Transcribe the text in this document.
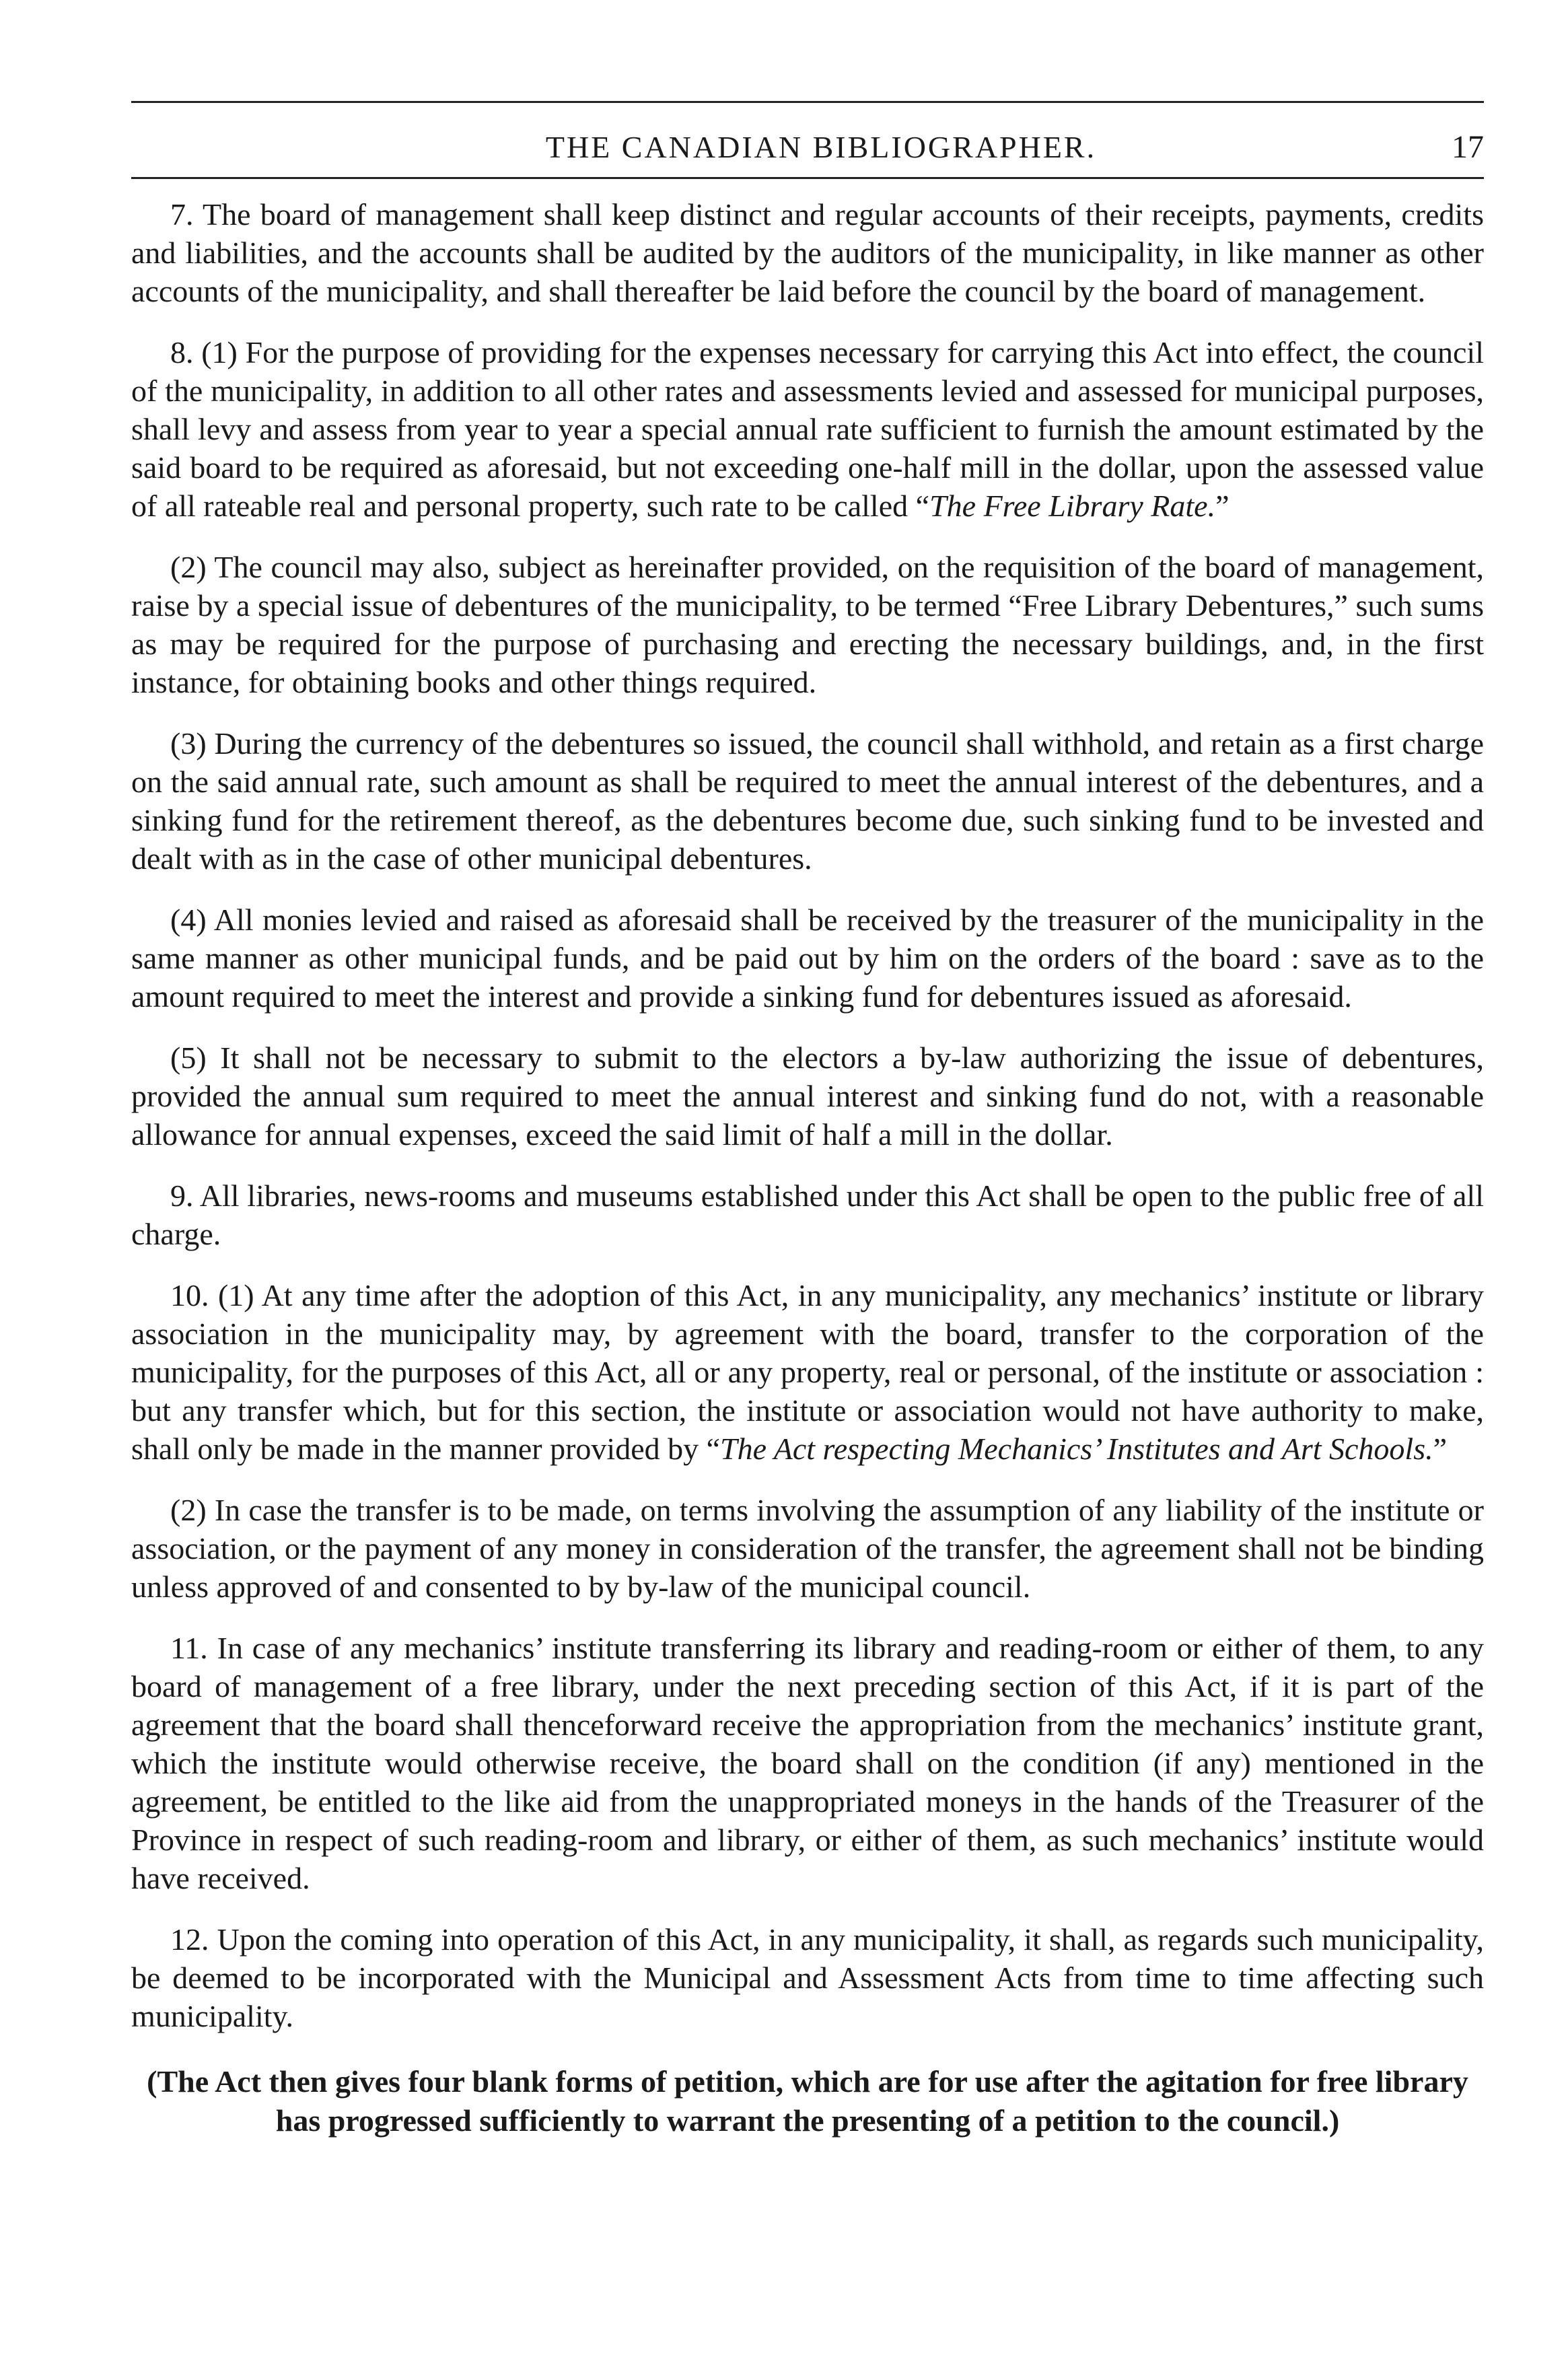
THE CANADIAN BIBLIOGRAPHER.	17

7. The board of management shall keep distinct and regular accounts of their receipts, payments, credits and liabilities, and the accounts shall be audited by the auditors of the municipality, in like manner as other accounts of the municipality, and shall thereafter be laid before the council by the board of management.

8. (1) For the purpose of providing for the expenses necessary for carrying this Act into effect, the council of the municipality, in addition to all other rates and assessments levied and assessed for municipal purposes, shall levy and assess from year to year a special annual rate sufficient to furnish the amount estimated by the said board to be required as aforesaid, but not exceeding one-half mill in the dollar, upon the assessed value of all rateable real and personal property, such rate to be called “The Free Library Rate.”

(2) The council may also, subject as hereinafter provided, on the requisition of the board of management, raise by a special issue of debentures of the municipality, to be termed “Free Library Debentures,” such sums as may be required for the purpose of purchasing and erecting the necessary buildings, and, in the first instance, for obtaining books and other things required.

(3) During the currency of the debentures so issued, the council shall withhold, and retain as a first charge on the said annual rate, such amount as shall be required to meet the annual interest of the debentures, and a sinking fund for the retirement thereof, as the debentures become due, such sinking fund to be invested and dealt with as in the case of other municipal debentures.

(4) All monies levied and raised as aforesaid shall be received by the treasurer of the municipality in the same manner as other municipal funds, and be paid out by him on the orders of the board : save as to the amount required to meet the interest and provide a sinking fund for debentures issued as aforesaid.

(5) It shall not be necessary to submit to the electors a by-law authorizing the issue of debentures, provided the annual sum required to meet the annual interest and sinking fund do not, with a reasonable allowance for annual expenses, exceed the said limit of half a mill in the dollar.

9. All libraries, news-rooms and museums established under this Act shall be open to the public free of all charge.

10. (1) At any time after the adoption of this Act, in any municipality, any mechanics’ institute or library association in the municipality may, by agreement with the board, transfer to the corporation of the municipality, for the purposes of this Act, all or any property, real or personal, of the institute or association : but any transfer which, but for this section, the institute or association would not have authority to make, shall only be made in the manner provided by “The Act respecting Mechanics’ Institutes and Art Schools.”

(2) In case the transfer is to be made, on terms involving the assumption of any liability of the institute or association, or the payment of any money in consideration of the transfer, the agreement shall not be binding unless approved of and consented to by by-law of the municipal council.

11. In case of any mechanics’ institute transferring its library and reading-room or either of them, to any board of management of a free library, under the next preceding section of this Act, if it is part of the agreement that the board shall thenceforward receive the appropriation from the mechanics’ institute grant, which the institute would otherwise receive, the board shall on the condition (if any) mentioned in the agreement, be entitled to the like aid from the unappropriated moneys in the hands of the Treasurer of the Province in respect of such reading-room and library, or either of them, as such mechanics’ institute would have received.

12. Upon the coming into operation of this Act, in any municipality, it shall, as regards such municipality, be deemed to be incorporated with the Municipal and Assessment Acts from time to time affecting such municipality.

(The Act then gives four blank forms of petition, which are for use after the agitation for free library has progressed sufficiently to warrant the presenting of a petition to the council.)
